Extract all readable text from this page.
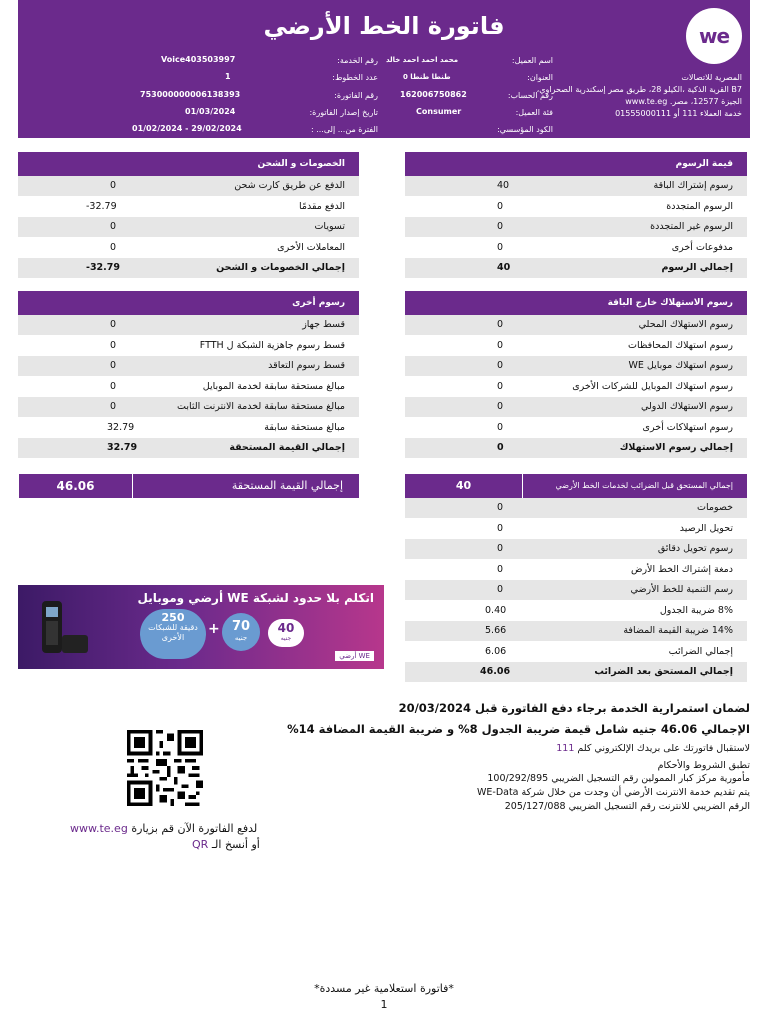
we
فاتورة الخط الأرضي
المصرية للاتصالات
B7 القرية الذكية ،الكيلو 28، طريق مصر إسكندرية الصحراوي،
الجيزة 12577، مصر. www.te.eg
خدمة العملاء 111 أو 01555000111
اسم العميل:
محمد احمد احمد خالد
العنوان:
طنطا طنطا 0
رقم الحساب:
162006750862
فئة العميل:
Consumer
الكود المؤسسي:
رقم الخدمة:
Voice403503997
عدد الخطوط:
1
رقم الفاتورة:
753000000006138393
تاريخ إصدار الفاتورة:
01/03/2024
الفترة من... إلى... :
01/02/2024 - 29/02/2024
قيمة الرسوم
رسوم إشتراك الباقة
40
الرسوم المتجددة
0
الرسوم غير المتجددة
0
مدفوعات أخرى
0
إجمالي الرسوم
40
الخصومات و الشحن
الدفع عن طريق كارت شحن
0
الدفع مقدمًا
-32.79
تسويات
0
المعاملات الأخرى
0
إجمالي الخصومات و الشحن
-32.79
رسوم الاستهلاك خارج الباقة
رسوم الاستهلاك المحلي
0
رسوم استهلاك المحافظات
0
رسوم استهلاك موبايل WE
0
رسوم استهلاك الموبايل للشركات الأخرى
0
رسوم الاستهلاك الدولي
0
رسوم استهلاكات أخرى
0
إجمالي رسوم الاستهلاك
0
رسوم أخرى
قسط جهاز
0
قسط رسوم جاهزية الشبكة ل FTTH
0
قسط رسوم التعاقد
0
مبالغ مستحقة سابقة لخدمة الموبايل
0
مبالغ مستحقة سابقة لخدمة الانترنت الثابت
0
مبالغ مستحقة سابقة
32.79
إجمالي القيمة المستحقة
32.79
46.06	إجمالي القيمة المستحقة	40	إجمالي المستحق قبل الضرائب لخدمات الخط الأرضي
خصومات
0
تحويل الرصيد
0
رسوم تحويل دقائق
0
دمغة إشتراك الخط الأرض
0
رسم التنمية للخط الأرضي
0
8% ضريبة الجدول
0.40
14% ضريبة القيمة المضافة
5.66
إجمالي الضرائب
6.06
إجمالي المستحق بعد الضرائب
46.06
اتكلم بلا حدود لشبكة WE أرضي وموبايل
250
دقيقة للشبكات الأخرى
+ 70
جنيه
40
جنيه
WE أرضي
لضمان استمرارية الخدمة برجاء دفع الفاتورة قبل 20/03/2024
الإجمالي 46.06 جنيه شامل قيمة ضريبة الجدول 8% و ضريبة القيمة المضافة 14%
لاستقبال فاتورتك على بريدك الإلكتروني كلم 111
تطبق الشروط والأحكام
مأمورية مركز كبار الممولين رقم التسجيل الضريبي 100/292/895
يتم تقديم خدمة الانترنت الأرضي أن وجدت من خلال شركة WE-Data
الرقم الضريبي للانترنت رقم التسجيل الضريبي 205/127/088
لدفع الفاتورة الآن قم بزيارة www.te.eg
أو أنسخ الـ QR
*فاتورة استعلامية غير مسددة*
1
